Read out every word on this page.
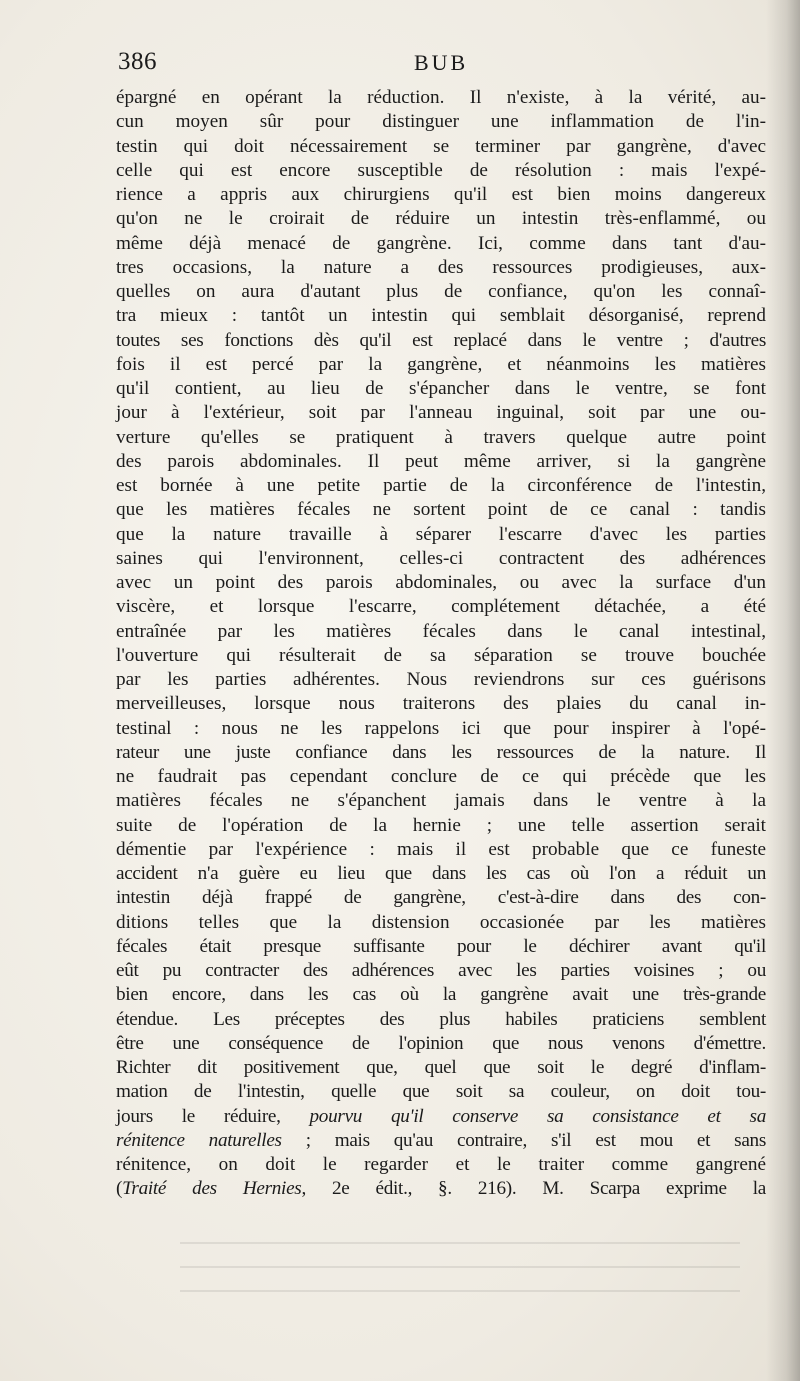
386	BUB
épargné en opérant la réduction. Il n'existe, à la vérité, au-
cun moyen sûr pour distinguer une inflammation de l'in-
testin qui doit nécessairement se terminer par gangrène, d'avec
celle qui est encore susceptible de résolution : mais l'expé-
rience a appris aux chirurgiens qu'il est bien moins dangereux
qu'on ne le croirait de réduire un intestin très-enflammé, ou
même déjà menacé de gangrène. Ici, comme dans tant d'au-
tres occasions, la nature a des ressources prodigieuses, aux-
quelles on aura d'autant plus de confiance, qu'on les connaî-
tra mieux : tantôt un intestin qui semblait désorganisé, reprend
toutes ses fonctions dès qu'il est replacé dans le ventre ; d'autres
fois il est percé par la gangrène, et néanmoins les matières
qu'il contient, au lieu de s'épancher dans le ventre, se font
jour à l'extérieur, soit par l'anneau inguinal, soit par une ou-
verture qu'elles se pratiquent à travers quelque autre point
des parois abdominales. Il peut même arriver, si la gangrène
est bornée à une petite partie de la circonférence de l'intestin,
que les matières fécales ne sortent point de ce canal : tandis
que la nature travaille à séparer l'escarre d'avec les parties
saines qui l'environnent, celles-ci contractent des adhérences
avec un point des parois abdominales, ou avec la surface d'un
viscère, et lorsque l'escarre, complétement détachée, a été
entraînée par les matières fécales dans le canal intestinal,
l'ouverture qui résulterait de sa séparation se trouve bouchée
par les parties adhérentes. Nous reviendrons sur ces guérisons
merveilleuses, lorsque nous traiterons des plaies du canal in-
testinal : nous ne les rappelons ici que pour inspirer à l'opé-
rateur une juste confiance dans les ressources de la nature. Il
ne faudrait pas cependant conclure de ce qui précède que les
matières fécales ne s'épanchent jamais dans le ventre à la
suite de l'opération de la hernie ; une telle assertion serait
démentie par l'expérience : mais il est probable que ce funeste
accident n'a guère eu lieu que dans les cas où l'on a réduit un
intestin déjà frappé de gangrène, c'est-à-dire dans des con-
ditions telles que la distension occasionée par les matières
fécales était presque suffisante pour le déchirer avant qu'il
eût pu contracter des adhérences avec les parties voisines ; ou
bien encore, dans les cas où la gangrène avait une très-grande
étendue. Les préceptes des plus habiles praticiens semblent
être une conséquence de l'opinion que nous venons d'émettre.
Richter dit positivement que, quel que soit le degré d'inflam-
mation de l'intestin, quelle que soit sa couleur, on doit tou-
jours le réduire, pourvu qu'il conserve sa consistance et sa
rénitence naturelles ; mais qu'au contraire, s'il est mou et sans
rénitence, on doit le regarder et le traiter comme gangrené
(Traité des Hernies, 2e édit., §. 216). M. Scarpa exprime la
